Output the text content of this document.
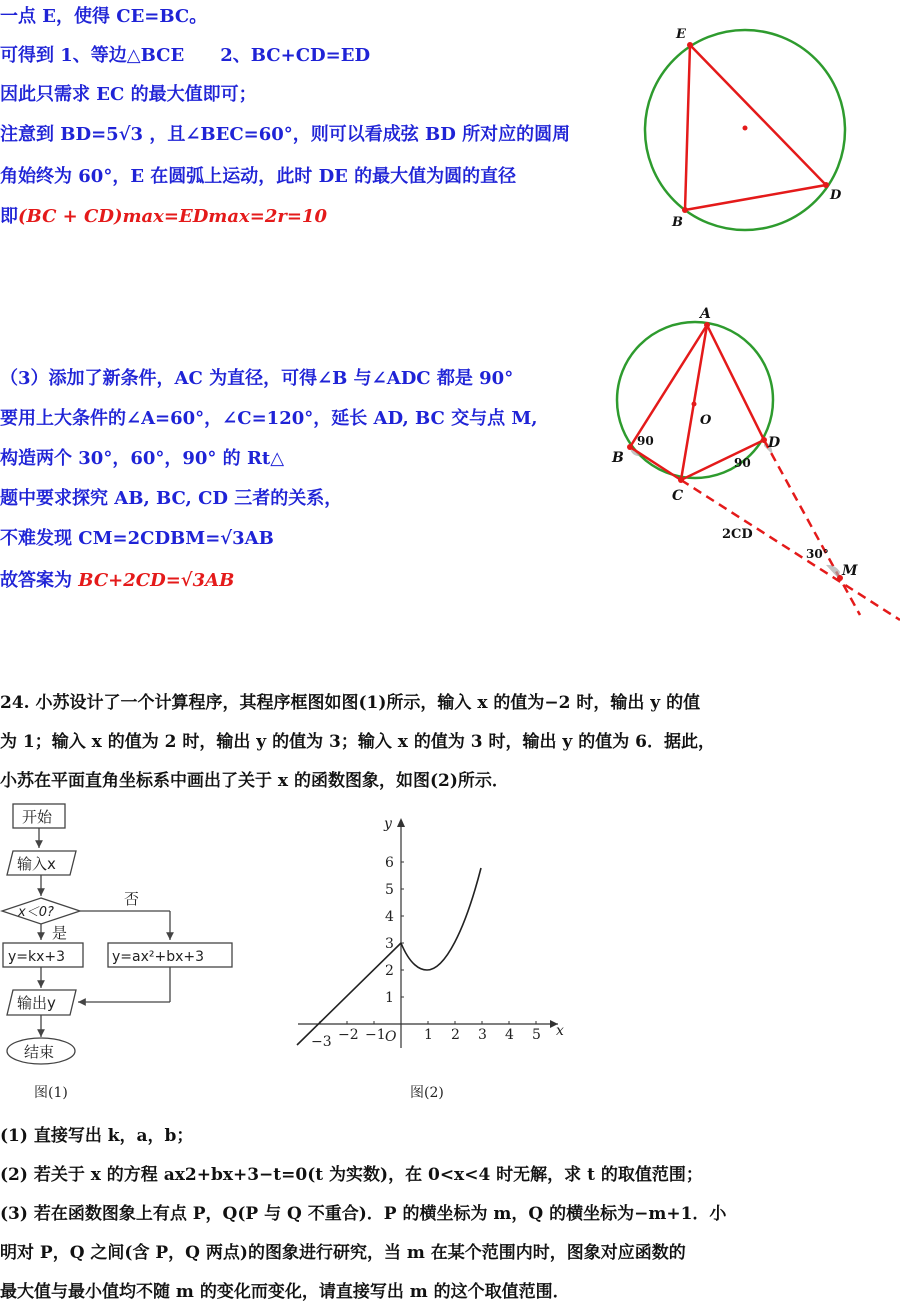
一点 E，使得 CE=BC。
可得到 1、等边△BCE　　2、BC+CD=ED
因此只需求 EC 的最大值即可；
注意到 BD=5√3 ，且∠BEC=60°，则可以看成弦 BD 所对应的圆周
角始终为 60°，E 在圆弧上运动，此时 DE 的最大值为圆的直径
即(BC + CD)max=EDmax=2r=10
E
B
D
A
O
B
C
D
M
90
90
30°
2CD
开始
输入x
x＜0?
否
是
y=kx+3	y=ax²+bx+3
输出y
结束
−3 −2 −1	1 2 3 4 5
1
2
3
4
5
6
y
x
O
（3）添加了新条件，AC 为直径，可得∠B 与∠ADC 都是 90°
要用上大条件的∠A=60°，∠C=120°，延长 AD, BC 交与点 M,
构造两个 30°，60°，90° 的 Rt△
题中要求探究 AB, BC, CD 三者的关系，
不难发现 CM=2CDBM=√3AB
故答案为 BC+2CD=√3AB
24. 小苏设计了一个计算程序，其程序框图如图(1)所示，输入 x 的值为−2 时，输出 y 的值
为 1；输入 x 的值为 2 时，输出 y 的值为 3；输入 x 的值为 3 时，输出 y 的值为 6．据此，
小苏在平面直角坐标系中画出了关于 x 的函数图象，如图(2)所示．
图(1)	图(2)
(1) 直接写出 k，a，b；
(2) 若关于 x 的方程 ax2+bx+3−t=0(t 为实数)，在 0<x<4 时无解，求 t 的取值范围；
(3) 若在函数图象上有点 P，Q(P 与 Q 不重合)．P 的横坐标为 m，Q 的横坐标为−m+1．小
明对 P，Q 之间(含 P，Q 两点)的图象进行研究，当 m 在某个范围内时，图象对应函数的
最大值与最小值均不随 m 的变化而变化，请直接写出 m 的这个取值范围．
